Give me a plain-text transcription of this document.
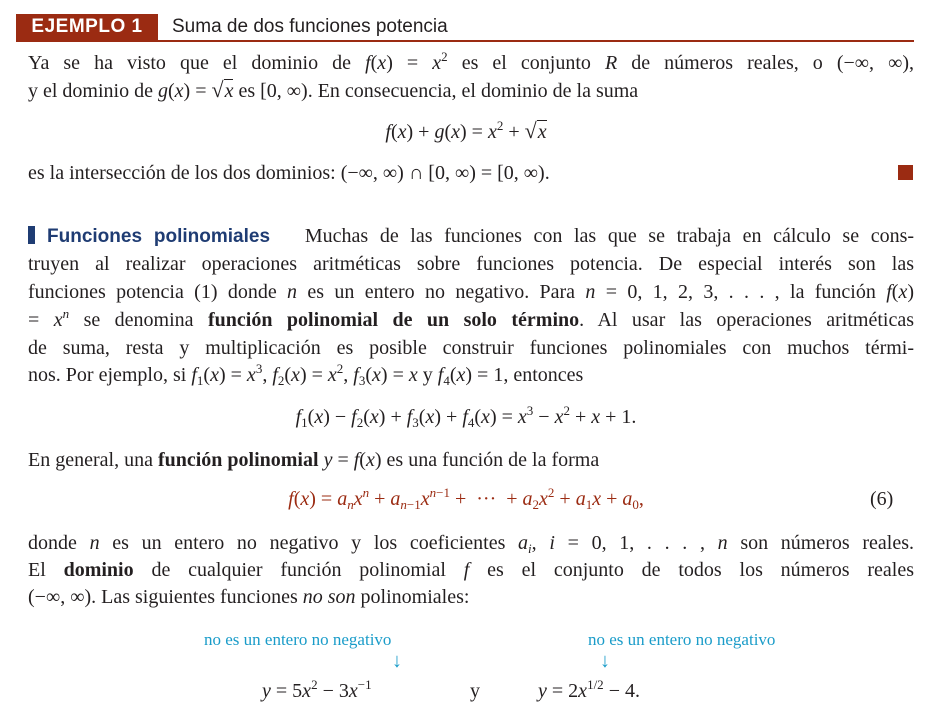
EJEMPLO 1	Suma de dos funciones potencia
Ya se ha visto que el dominio de $f(x) = x^2$ es el conjunto R de números reales, o (−∞, ∞),
y el dominio de g(x) = √x es [0, ∞). En consecuencia, el dominio de la suma
$f(x) + g(x) = x^2 + √x$
es la intersección de los dos dominios: (−∞, ∞) ∩ [0, ∞) = [0, ∞).
Funciones polinomiales Muchas de las funciones con las que se trabaja en cálculo se cons-
truyen al realizar operaciones aritméticas sobre funciones potencia. De especial interés son las
funciones potencia (1) donde n es un entero no negativo. Para n = 0, 1, 2, 3, . . . , la función f(x)
= $x^n$ se denomina función polinomial de un solo término. Al usar las operaciones aritméticas
de suma, resta y multiplicación es posible construir funciones polinomiales con muchos térmi-
nos. Por ejemplo, si $f_1(x) = x^3$, $f_2(x) = x^2$, $f_3(x) = x$ y $f_4(x) = 1$, entonces
$f_1(x) - f_2(x) + f_3(x) + f_4(x) = x^3 - x^2 + x + 1$.
En general, una función polinomial y = f(x) es una función de la forma
$f(x) = a_nx^n + a_{n-1}x^{n-1}$ +  ···  + $a_2x^2 + a_1x + a_0$,	(6)
donde n es un entero no negativo y los coeficientes $a_i$, i = 0, 1, . . . , n son números reales.
El dominio de cualquier función polinomial f es el conjunto de todos los números reales
(−∞, ∞). Las siguientes funciones no son polinomiales:
no es un entero no negativo
↓
no es un entero no negativo
↓
$y = 5x^2 - 3x^{-1}$	y	$y = 2x^{1/2} - 4$.
